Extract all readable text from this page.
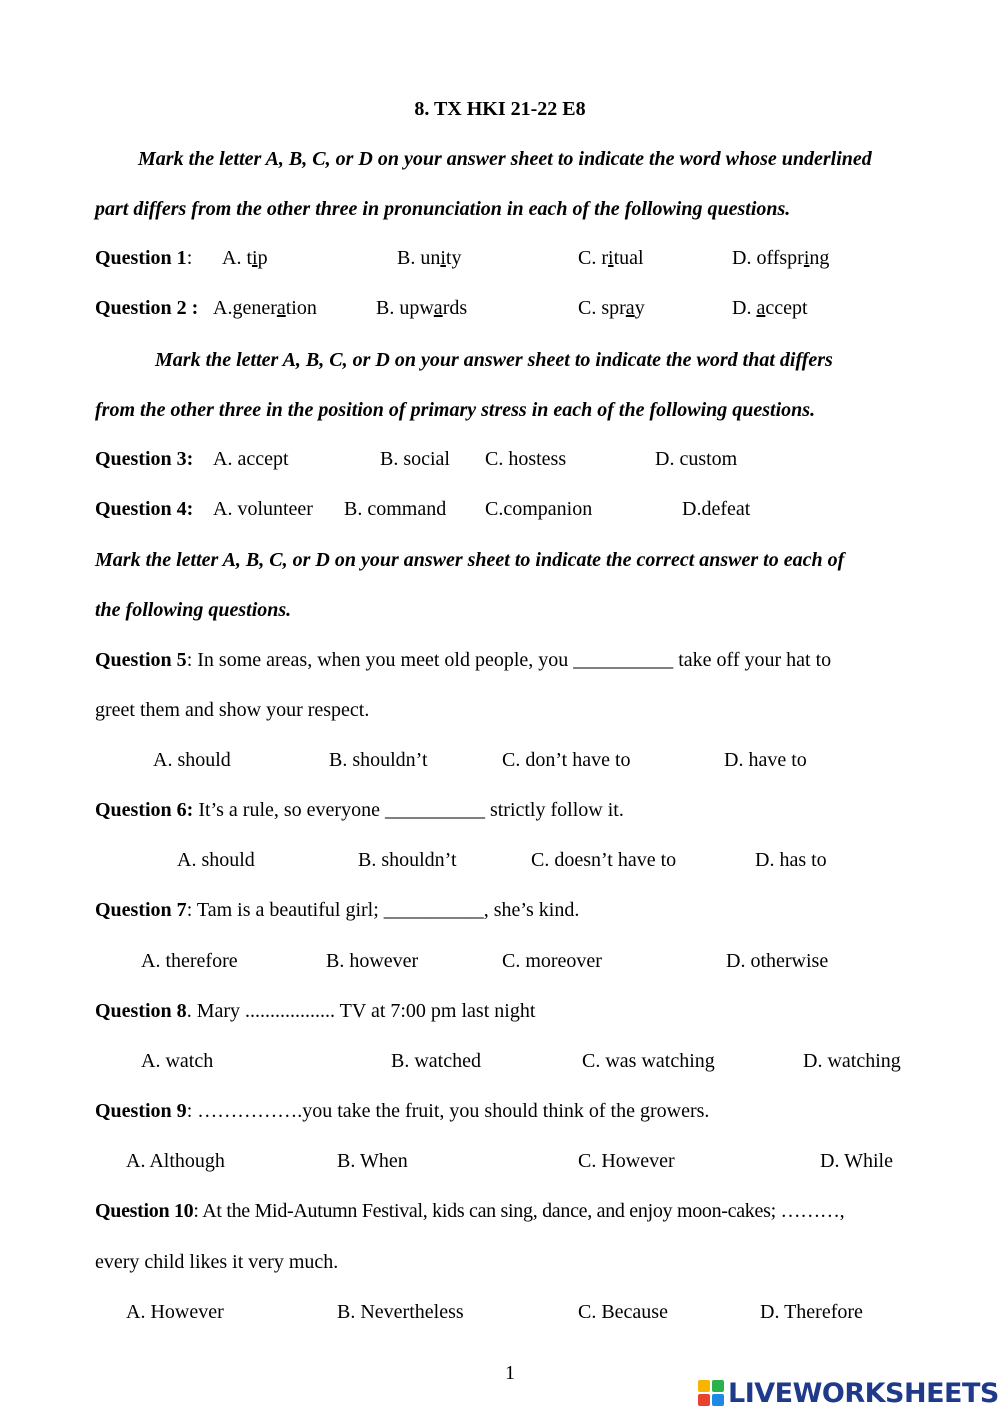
8. TX HKI 21-22 E8
Mark the letter A, B, C, or D on your answer sheet to indicate the word whose underlined
part differs from the other three in pronunciation in each of the following questions.
Question 1: A. tip	B. unity	C. ritual	D. offspring
Question 2 : A.generation	B. upwards	C. spray	D. accept
Mark the letter A, B, C, or D on your answer sheet to indicate the word that differs
from the other three in the position of primary stress in each of the following questions.
Question 3: A. accept	B. social C. hostess	D. custom
Question 4: A. volunteer B. command C.companion	D.defeat
Mark the letter A, B, C, or D on your answer sheet to indicate the correct answer to each of
the following questions.
Question 5: In some areas, when you meet old people, you __________ take off your hat to
greet them and show your respect.
A. should	B. shouldn’t	C. don’t have to	D. have to
Question 6: It’s a rule, so everyone __________ strictly follow it.
A. should	B. shouldn’t	C. doesn’t have to	D. has to
Question 7: Tam is a beautiful girl; __________, she’s kind.
A. therefore	B. however	C. moreover	D. otherwise
Question 8. Mary .................. TV at 7:00 pm last night
A. watch	B. watched	C. was watching	D. watching
Question 9: …………….you take the fruit, you should think of the growers.
A. Although	B. When	C. However	D. While
Question 10: At the Mid-Autumn Festival, kids can sing, dance, and enjoy moon-cakes; ………,
every child likes it very much.
A. However	B. Nevertheless	C. Because	D. Therefore
1
LIVEWORKSHEETS
